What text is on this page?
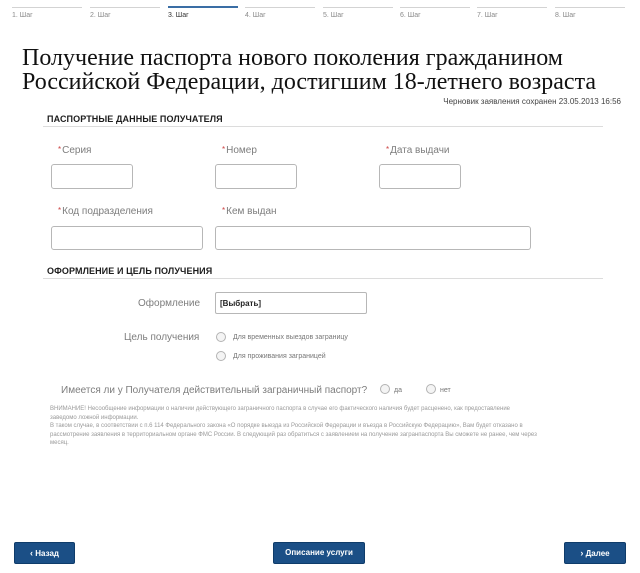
1. Шаг	2. Шаг	3. Шаг	4. Шаг	5. Шаг	6. Шаг	7. Шаг	8. Шаг
Получение паспорта нового поколения гражданином Российской Федерации, достигшим 18-летнего возраста
Черновик заявления сохранен 23.05.2013 16:56
ПАСПОРТНЫЕ ДАННЫЕ ПОЛУЧАТЕЛЯ
*Серия	*Номер	*Дата выдачи
*Код подразделения	*Кем выдан
ОФОРМЛЕНИЕ И ЦЕЛЬ ПОЛУЧЕНИЯ
Оформление	[Выбрать]
Цель получения	Для временных выездов заграницу
Для проживания заграницей
Имеется ли у Получателя действительный заграничный паспорт?	да	нет

ВНИМАНИЕ! Несообщение информации о наличии действующего заграничного паспорта в случае его фактического наличия будет расценено, как предоставление заведомо ложной информации.

В таком случае, в соответствии с п.6 114 Федерального закона «О порядке выезда из Российской Федерации и въезда в Российскую Федерацию», Вам будет отказано в рассмотрение заявления в территориальном органе ФМС России. В следующий раз обратиться с заявлением на получение загранпаспорта Вы сможете не ранее, чем через месяц.

‹ Назад	Описание услуги	› Далее
